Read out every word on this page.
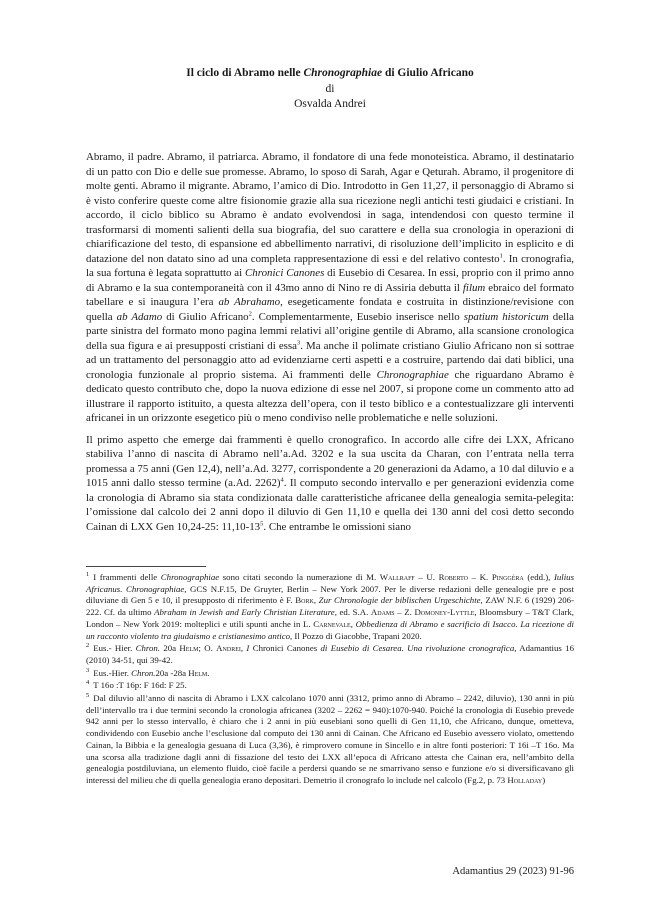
Il ciclo di Abramo nelle Chronographiae di Giulio Africano
di
Osvalda Andrei

Abramo, il padre. Abramo, il patriarca. Abramo, il fondatore di una fede monoteistica. Abramo, il destinatario di un patto con Dio e delle sue promesse. Abramo, lo sposo di Sarah, Agar e Qeturah. Abramo, il progenitore di molte genti. Abramo il migrante. Abramo, l’amico di Dio. Introdotto in Gen 11,27, il personaggio di Abramo si è visto conferire queste come altre fisionomie grazie alla sua ricezione negli antichi testi giudaici e cristiani. In accordo, il ciclo biblico su Abramo è andato evolvendosi in saga, intendendosi con questo termine il trasformarsi di momenti salienti della sua biografia, del suo carattere e della sua cronologia in operazioni di chiarificazione del testo, di espansione ed abbellimento narrativi, di risoluzione dell’implicito in esplicito e di datazione del non datato sino ad una completa rappresentazione di essi e del relativo contesto$^1$. In cronografia, la sua fortuna è legata soprattutto ai Chronici Canones di Eusebio di Cesarea. In essi, proprio con il primo anno di Abramo e la sua contemporaneità con il 43mo anno di Nino re di Assiria debutta il filum ebraico del formato tabellare e si inaugura l’era ab Abrahamo, esegeticamente fondata e costruita in distinzione/revisione con quella ab Adamo di Giulio Africano$^2$. Complementarmente, Eusebio inserisce nello spatium historicum della parte sinistra del formato mono pagina lemmi relativi all’origine gentile di Abramo, alla scansione cronologica della sua figura e ai presupposti cristiani di essa$^3$. Ma anche il polimate cristiano Giulio Africano non si sottrae ad un trattamento del personaggio atto ad evidenziarne certi aspetti e a costruire, partendo dai dati biblici, una cronologia funzionale al proprio sistema. Ai frammenti delle Chronographiae che riguardano Abramo è dedicato questo contributo che, dopo la nuova edizione di esse nel 2007, si propone come un commento atto ad illustrare il rapporto istituito, a questa altezza dell’opera, con il testo biblico e a contestualizzare gli interventi africanei in un orizzonte esegetico più o meno condiviso nelle problematiche e nelle soluzioni.

Il primo aspetto che emerge dai frammenti è quello cronografico. In accordo alle cifre dei LXX, Africano stabiliva l’anno di nascita di Abramo nell’a.Ad. 3202 e la sua uscita da Charan, con l’entrata nella terra promessa a 75 anni (Gen 12,4), nell’a.Ad. 3277, corrispondente a 20 generazioni da Adamo, a 10 dal diluvio e a 1015 anni dallo stesso termine (a.Ad. 2262)$^4$. Il computo secondo intervallo e per generazioni evidenzia come la cronologia di Abramo sia stata condizionata dalle caratteristiche africanee della genealogia semita-pelegita: l’omissione dal calcolo dei 2 anni dopo il diluvio di Gen 11,10 e quella dei 130 anni del così detto secondo Cainan di LXX Gen 10,24-25: $11,10-13^5$. Che entrambe le omissioni siano

$^1$ I frammenti delle Chronographiae sono citati secondo la numerazione di M. Wallraff – U. Roberto – K. Pinggéra (edd.), Iulius Africanus. Chronographiae, GCS N.F.15, De Gruyter, Berlin – New York 2007. Per le diverse redazioni delle genealogie pre e post diluviane di Gen 5 e 10, il presupposto di riferimento è F. Bork, Zur Chronologie der biblischen Urgeschichte, ZAW N.F. 6 (1929) 206-222. Cf. da ultimo Abraham in Jewish and Early Christian Literature, ed. S.A. Adams – Z. Domoney-Lyttle, Bloomsbury – T&T Clark, London – New York 2019: molteplici e utili spunti anche in L. Carnevale, Obbedienza di Abramo e sacrificio di Isacco. La ricezione di un racconto violento tra giudaismo e cristianesimo antico, Il Pozzo di Giacobbe, Trapani 2020.
$^2$ Eus.- Hier. Chron. 20a Helm; O. Andrei, I Chronici Canones di Eusebio di Cesarea. Una rivoluzione cronografica, Adamantius 16 (2010) 34-51, qui 39-42.
$^3$ Eus.-Hier. Chron.20a -28a Helm.
$^4$ T 16o :T 16p: F 16d: F 25.
$^5$ Dal diluvio all’anno di nascita di Abramo i LXX calcolano 1070 anni (3312, primo anno di Abramo – 2242, diluvio), 130 anni in più dell’intervallo tra i due termini secondo la cronologia africanea (3202 – 2262 = 940):1070-940. Poiché la cronologia di Eusebio prevede 942 anni per lo stesso intervallo, è chiaro che i 2 anni in più eusebiani sono quelli di Gen 11,10, che Africano, dunque, ometteva, condividendo con Eusebio anche l’esclusione dal computo dei 130 anni di Cainan. Che Africano ed Eusebio avessero violato, omettendo Cainan, la Bibbia e la genealogia gesuana di Luca (3,36), è rimprovero comune in Sincello e in altre fonti posteriori: T 16i –T 16o. Ma una scorsa alla tradizione dagli anni di fissazione del testo dei LXX all’epoca di Africano attesta che Cainan era, nell’ambito della genealogia postdiluviana, un elemento fluido, cioè facile a perdersi quando se ne smarrivano senso e funzione e/o si diversificavano gli interessi del milieu che di quella genealogia erano depositari. Demetrio il cronografo lo include nel calcolo (Fg.2, p. 73 Holladay)
Adamantius 29 (2023) 91-96
